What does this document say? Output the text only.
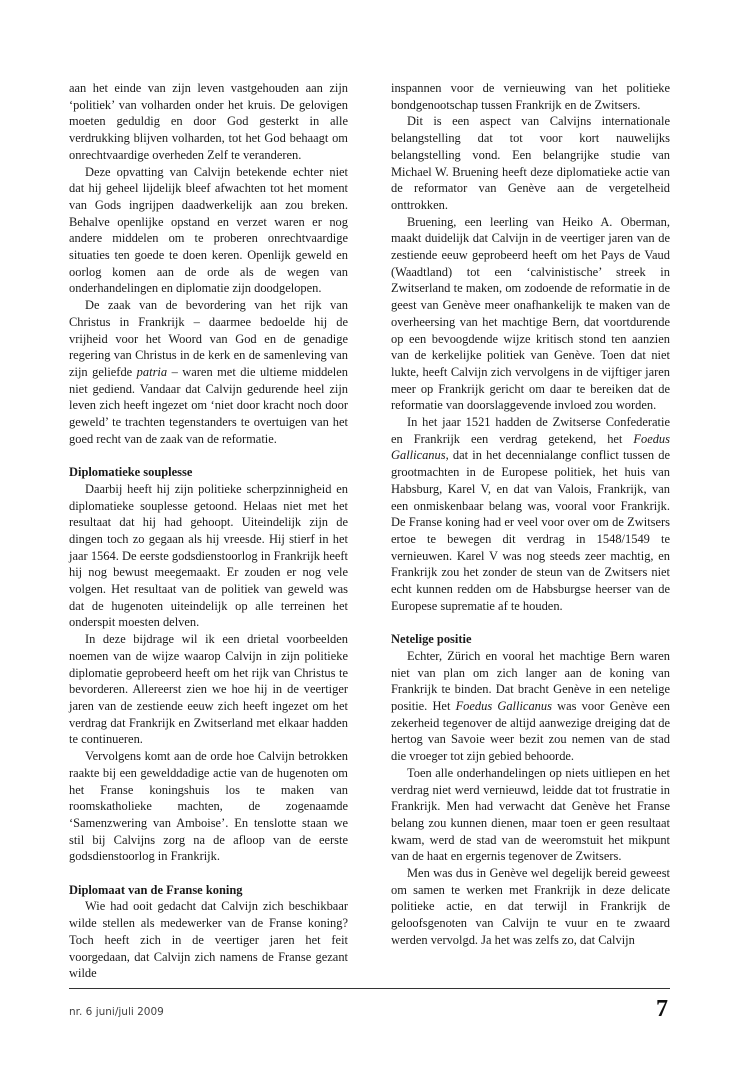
aan het einde van zijn leven vastgehouden aan zijn ‘politiek’ van volharden onder het kruis. De gelovigen moeten geduldig en door God gesterkt in alle verdrukking blijven volharden, tot het God behaagt om onrechtvaardige overheden Zelf te veranderen.

Deze opvatting van Calvijn betekende echter niet dat hij geheel lijdelijk bleef afwachten tot het moment van Gods ingrijpen daadwerkelijk aan zou breken. Behalve openlijke opstand en verzet waren er nog andere middelen om te proberen onrechtvaardige situaties ten goede te doen keren. Openlijk geweld en oorlog komen aan de orde als de wegen van onderhandelingen en diplomatie zijn doodgelopen.

De zaak van de bevordering van het rijk van Christus in Frankrijk – daarmee bedoelde hij de vrijheid voor het Woord van God en de genadige regering van Christus in de kerk en de samenleving van zijn geliefde patria – waren met die ultieme middelen niet gediend. Vandaar dat Calvijn gedurende heel zijn leven zich heeft ingezet om ‘niet door kracht noch door geweld’ te trachten tegenstanders te overtuigen van het goed recht van de zaak van de reformatie.

Diplomatieke souplesse

Daarbij heeft hij zijn politieke scherpzinnigheid en diplomatieke souplesse getoond. Helaas niet met het resultaat dat hij had gehoopt. Uiteindelijk zijn de dingen toch zo gegaan als hij vreesde. Hij stierf in het jaar 1564. De eerste godsdienstoorlog in Frankrijk heeft hij nog bewust meegemaakt. Er zouden er nog vele volgen. Het resultaat van de politiek van geweld was dat de hugenoten uiteindelijk op alle terreinen het onderspit moesten delven.

In deze bijdrage wil ik een drietal voorbeelden noemen van de wijze waarop Calvijn in zijn politieke diplomatie geprobeerd heeft om het rijk van Christus te bevorderen. Allereerst zien we hoe hij in de veertiger jaren van de zestiende eeuw zich heeft ingezet om het verdrag dat Frankrijk en Zwitserland met elkaar hadden te continueren.

Vervolgens komt aan de orde hoe Calvijn betrokken raakte bij een gewelddadige actie van de hugenoten om het Franse koningshuis los te maken van roomskatholieke machten, de zogenaamde ‘Samenzwering van Amboise’. En tenslotte staan we stil bij Calvijns zorg na de afloop van de eerste godsdienstoorlog in Frankrijk.

Diplomaat van de Franse koning

Wie had ooit gedacht dat Calvijn zich beschikbaar wilde stellen als medewerker van de Franse koning? Toch heeft zich in de veertiger jaren het feit voorgedaan, dat Calvijn zich namens de Franse gezant wilde

inspannen voor de vernieuwing van het politieke bondgenootschap tussen Frankrijk en de Zwitsers.

Dit is een aspect van Calvijns internationale belangstelling dat tot voor kort nauwelijks belangstelling vond. Een belangrijke studie van Michael W. Bruening heeft deze diplomatieke actie van de reformator van Genève aan de vergetelheid onttrokken.

Bruening, een leerling van Heiko A. Oberman, maakt duidelijk dat Calvijn in de veertiger jaren van de zestiende eeuw geprobeerd heeft om het Pays de Vaud (Waadtland) tot een ‘calvinistische’ streek in Zwitserland te maken, om zodoende de reformatie in de geest van Genève meer onafhankelijk te maken van de overheersing van het machtige Bern, dat voortdurende op een bevoogdende wijze kritisch stond ten aanzien van de kerkelijke politiek van Genève. Toen dat niet lukte, heeft Calvijn zich vervolgens in de vijftiger jaren meer op Frankrijk gericht om daar te bereiken dat de reformatie van doorslaggevende invloed zou worden.

In het jaar 1521 hadden de Zwitserse Confederatie en Frankrijk een verdrag getekend, het Foedus Gallicanus, dat in het decennialange conflict tussen de grootmachten in de Europese politiek, het huis van Habsburg, Karel V, en dat van Valois, Frankrijk, van een onmiskenbaar belang was, vooral voor Frankrijk. De Franse koning had er veel voor over om de Zwitsers ertoe te bewegen dit verdrag in 1548/1549 te vernieuwen. Karel V was nog steeds zeer machtig, en Frankrijk zou het zonder de steun van de Zwitsers niet echt kunnen redden om de Habsburgse heerser van de Europese suprematie af te houden.

Netelige positie

Echter, Zürich en vooral het machtige Bern waren niet van plan om zich langer aan de koning van Frankrijk te binden. Dat bracht Genève in een netelige positie. Het Foedus Gallicanus was voor Genève een zekerheid tegenover de altijd aanwezige dreiging dat de hertog van Savoie weer bezit zou nemen van de stad die vroeger tot zijn gebied behoorde.

Toen alle onderhandelingen op niets uitliepen en het verdrag niet werd vernieuwd, leidde dat tot frustratie in Frankrijk. Men had verwacht dat Genève het Franse belang zou kunnen dienen, maar toen er geen resultaat kwam, werd de stad van de weeromstuit het mikpunt van de haat en ergernis tegenover de Zwitsers.

Men was dus in Genève wel degelijk bereid geweest om samen te werken met Frankrijk in deze delicate politieke actie, en dat terwijl in Frankrijk de geloofsgenoten van Calvijn te vuur en te zwaard werden vervolgd. Ja het was zelfs zo, dat Calvijn

nr. 6 juni/juli 2009	7
